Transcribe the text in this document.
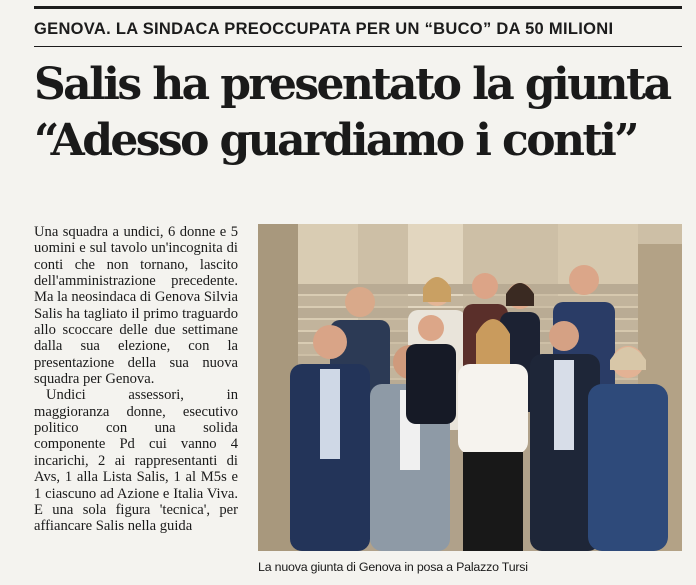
GENOVA. LA SINDACA PREOCCUPATA PER UN “BUCO” DA 50 MILIONI
Salis ha presentato la giunta
“Adesso guardiamo i conti”

Una squadra a undici, 6 donne e 5 uomini e sul tavolo un'incognita di conti che non tornano, lascito dell'amministrazione precedente. Ma la neosindaca di Genova Silvia Salis ha tagliato il primo traguardo allo scoccare delle due settimane dalla sua elezione, con la presentazione della sua nuova squadra per Genova.

Undici assessori, in maggioranza donne, esecutivo politico con una solida componente Pd cui vanno 4 incarichi, 2 ai rappresentanti di Avs, 1 alla Lista Salis, 1 al M5s e 1 ciascuno ad Azione e Italia Viva. E una sola figura 'tecnica', per affiancare Salis nella guida

La nuova giunta di Genova in posa a Palazzo Tursi
